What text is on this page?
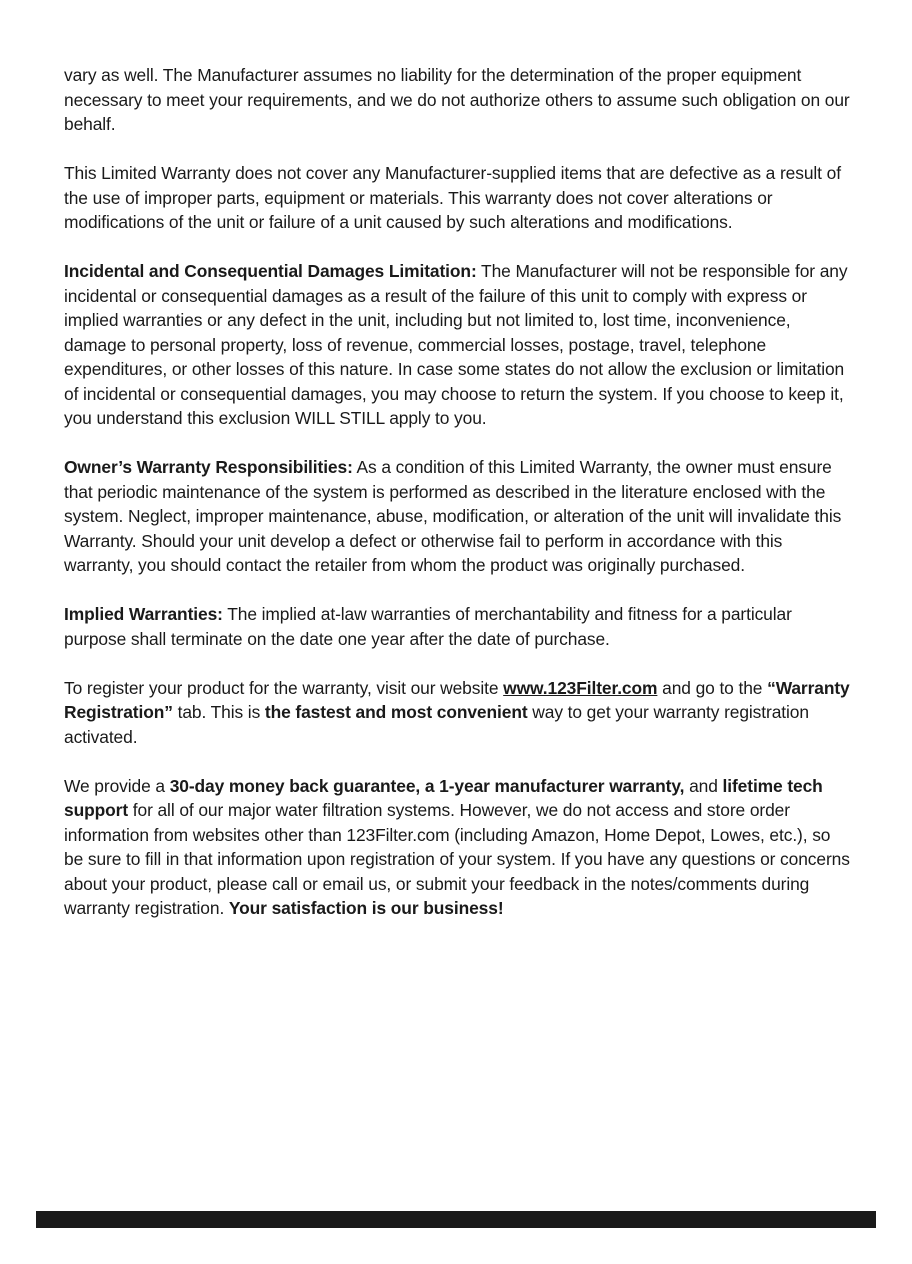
vary as well. The Manufacturer assumes no liability for the determination of the proper equipment necessary to meet your requirements, and we do not authorize others to assume such obligation on our behalf.

This Limited Warranty does not cover any Manufacturer-supplied items that are defective as a result of the use of improper parts, equipment or materials. This warranty does not cover alterations or modifications of the unit or failure of a unit caused by such alterations and modifications.

Incidental and Consequential Damages Limitation: The Manufacturer will not be responsible for any incidental or consequential damages as a result of the failure of this unit to comply with express or implied warranties or any defect in the unit, including but not limited to, lost time, inconvenience, damage to personal property, loss of revenue, commercial losses, postage, travel, telephone expenditures, or other losses of this nature. In case some states do not allow the exclusion or limitation of incidental or consequential damages, you may choose to return the system. If you choose to keep it, you understand this exclusion WILL STILL apply to you.

Owner’s Warranty Responsibilities: As a condition of this Limited Warranty, the owner must ensure that periodic maintenance of the system is performed as described in the literature enclosed with the system. Neglect, improper maintenance, abuse, modification, or alteration of the unit will invalidate this Warranty. Should your unit develop a defect or otherwise fail to perform in accordance with this warranty, you should contact the retailer from whom the product was originally purchased.

Implied Warranties: The implied at-law warranties of merchantability and fitness for a particular purpose shall terminate on the date one year after the date of purchase.

To register your product for the warranty, visit our website www.123Filter.com and go to the “Warranty Registration” tab. This is the fastest and most convenient way to get your warranty registration activated.

We provide a 30-day money back guarantee, a 1-year manufacturer warranty, and lifetime tech support for all of our major water filtration systems. However, we do not access and store order information from websites other than 123Filter.com (including Amazon, Home Depot, Lowes, etc.), so be sure to fill in that information upon registration of your system. If you have any questions or concerns about your product, please call or email us, or submit your feedback in the notes/comments during warranty registration. Your satisfaction is our business!
